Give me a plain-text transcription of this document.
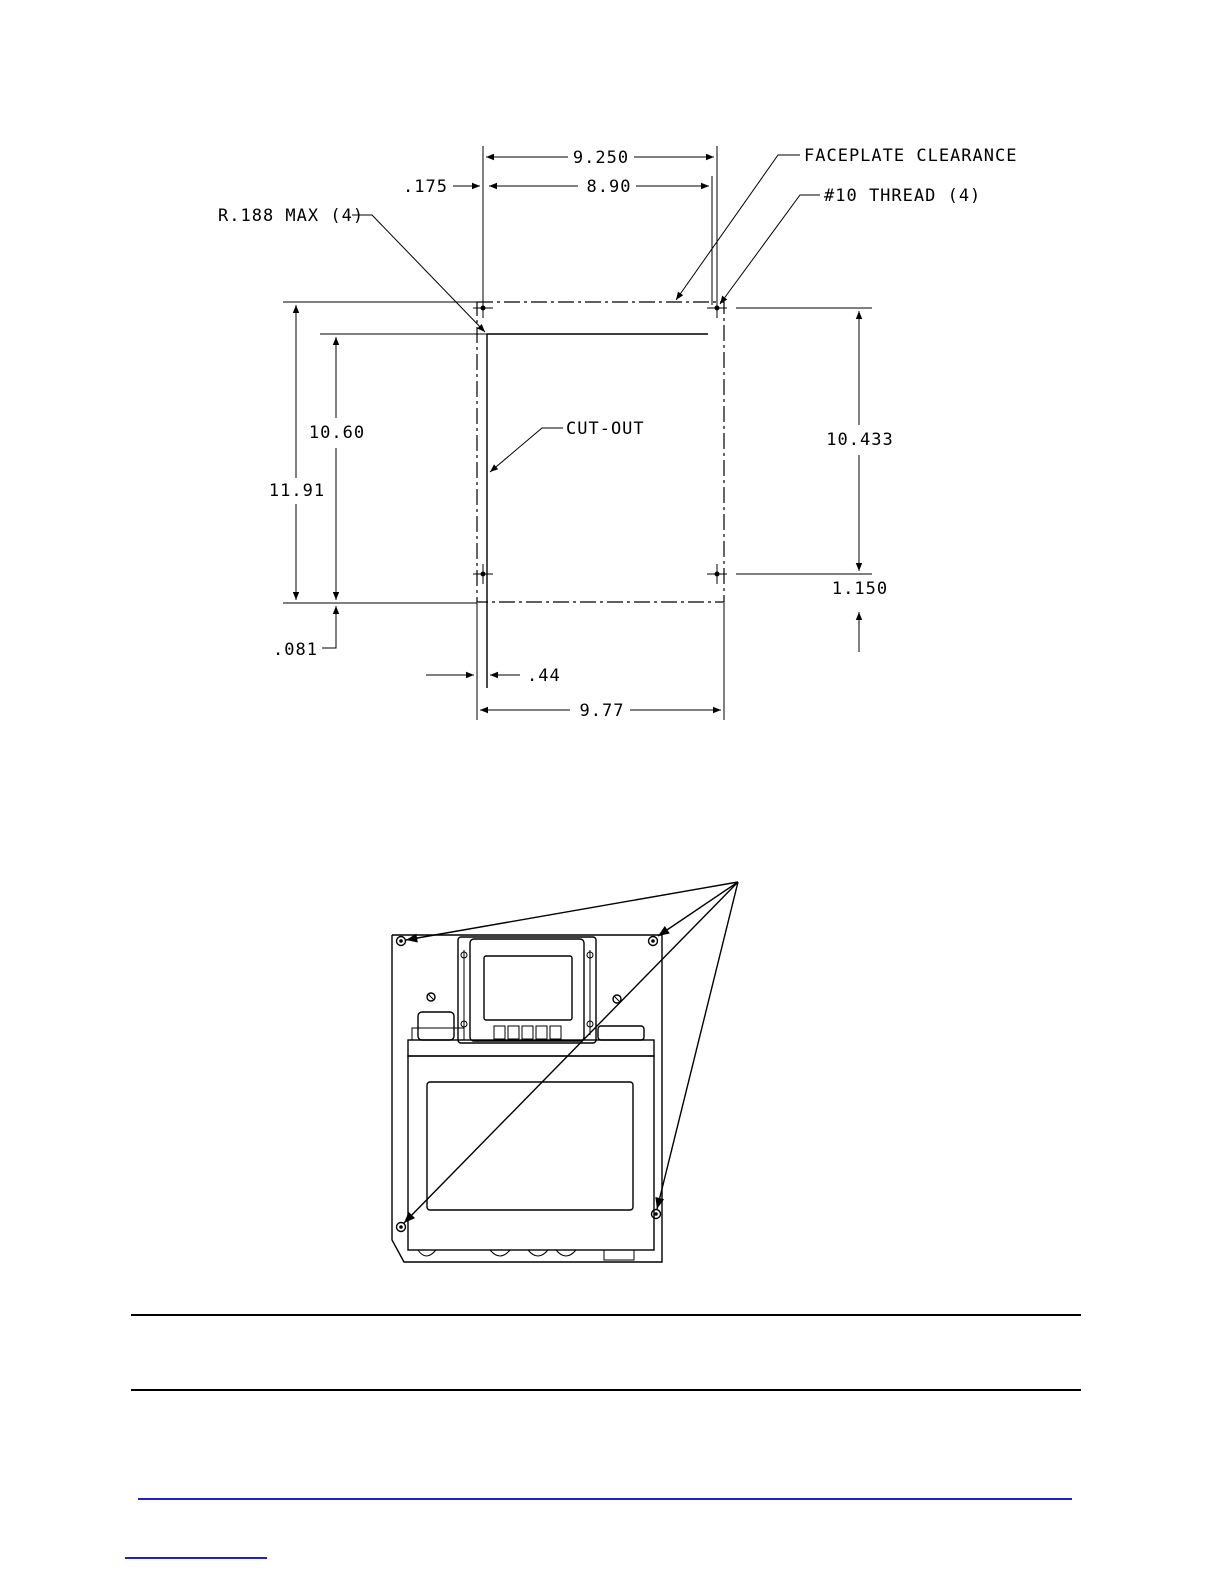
9.250
8.90
.175
FACEPLATE CLEARANCE
#10 THREAD (4)
R.188 MAX (4)
10.60
11.91
.081
CUT-OUT
10.433
1.150
.44
9.77
